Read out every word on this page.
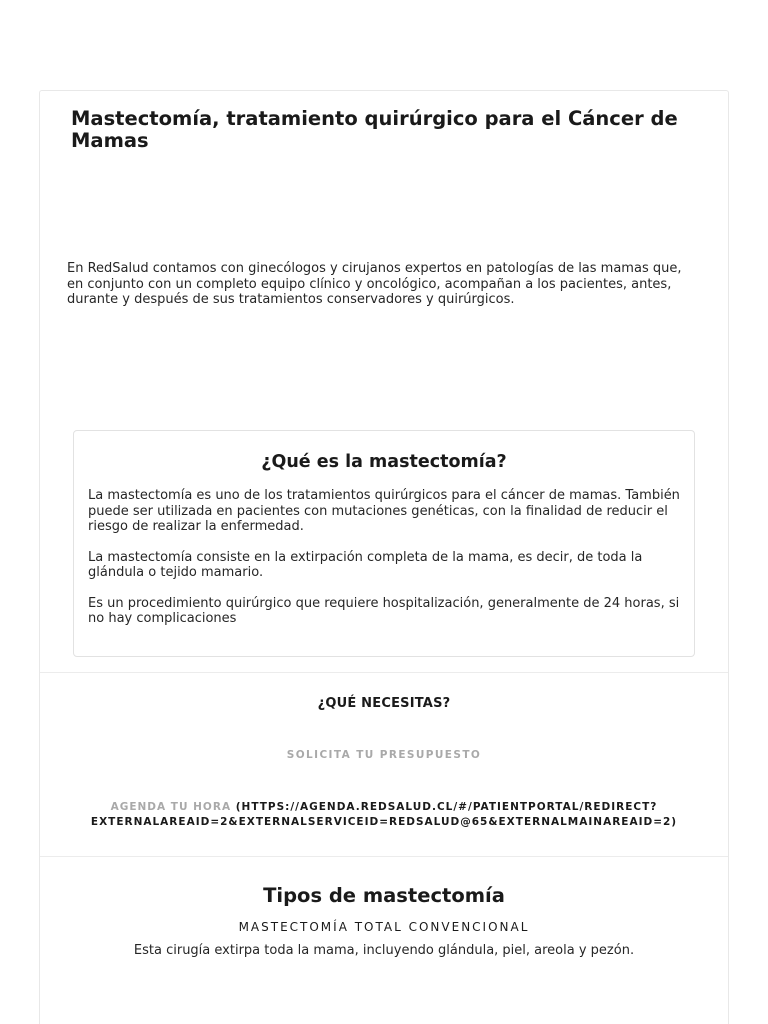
Mastectomía, tratamiento quirúrgico para el Cáncer de Mamas

En RedSalud contamos con ginecólogos y cirujanos expertos en patologías de las mamas que, en conjunto con un completo equipo clínico y oncológico, acompañan a los pacientes, antes, durante y después de sus tratamientos conservadores y quirúrgicos.

¿Qué es la mastectomía?

La mastectomía es uno de los tratamientos quirúrgicos para el cáncer de mamas. También puede ser utilizada en pacientes con mutaciones genéticas, con la finalidad de reducir el riesgo de realizar la enfermedad.

La mastectomía consiste en la extirpación completa de la mama, es decir, de toda la glándula o tejido mamario.

Es un procedimiento quirúrgico que requiere hospitalización, generalmente de 24 horas, si no hay complicaciones

¿QUÉ NECESITAS?
SOLICITA TU PRESUPUESTO
AGENDA TU HORA (HTTPS://AGENDA.REDSALUD.CL/#/PATIENTPORTAL/REDIRECT?EXTERNALAREAID=2&EXTERNALSERVICEID=REDSALUD@65&EXTERNALMAINAREAID=2)
Tipos de mastectomía
MASTECTOMÍA TOTAL CONVENCIONAL

Esta cirugía extirpa toda la mama, incluyendo glándula, piel, areola y pezón.
